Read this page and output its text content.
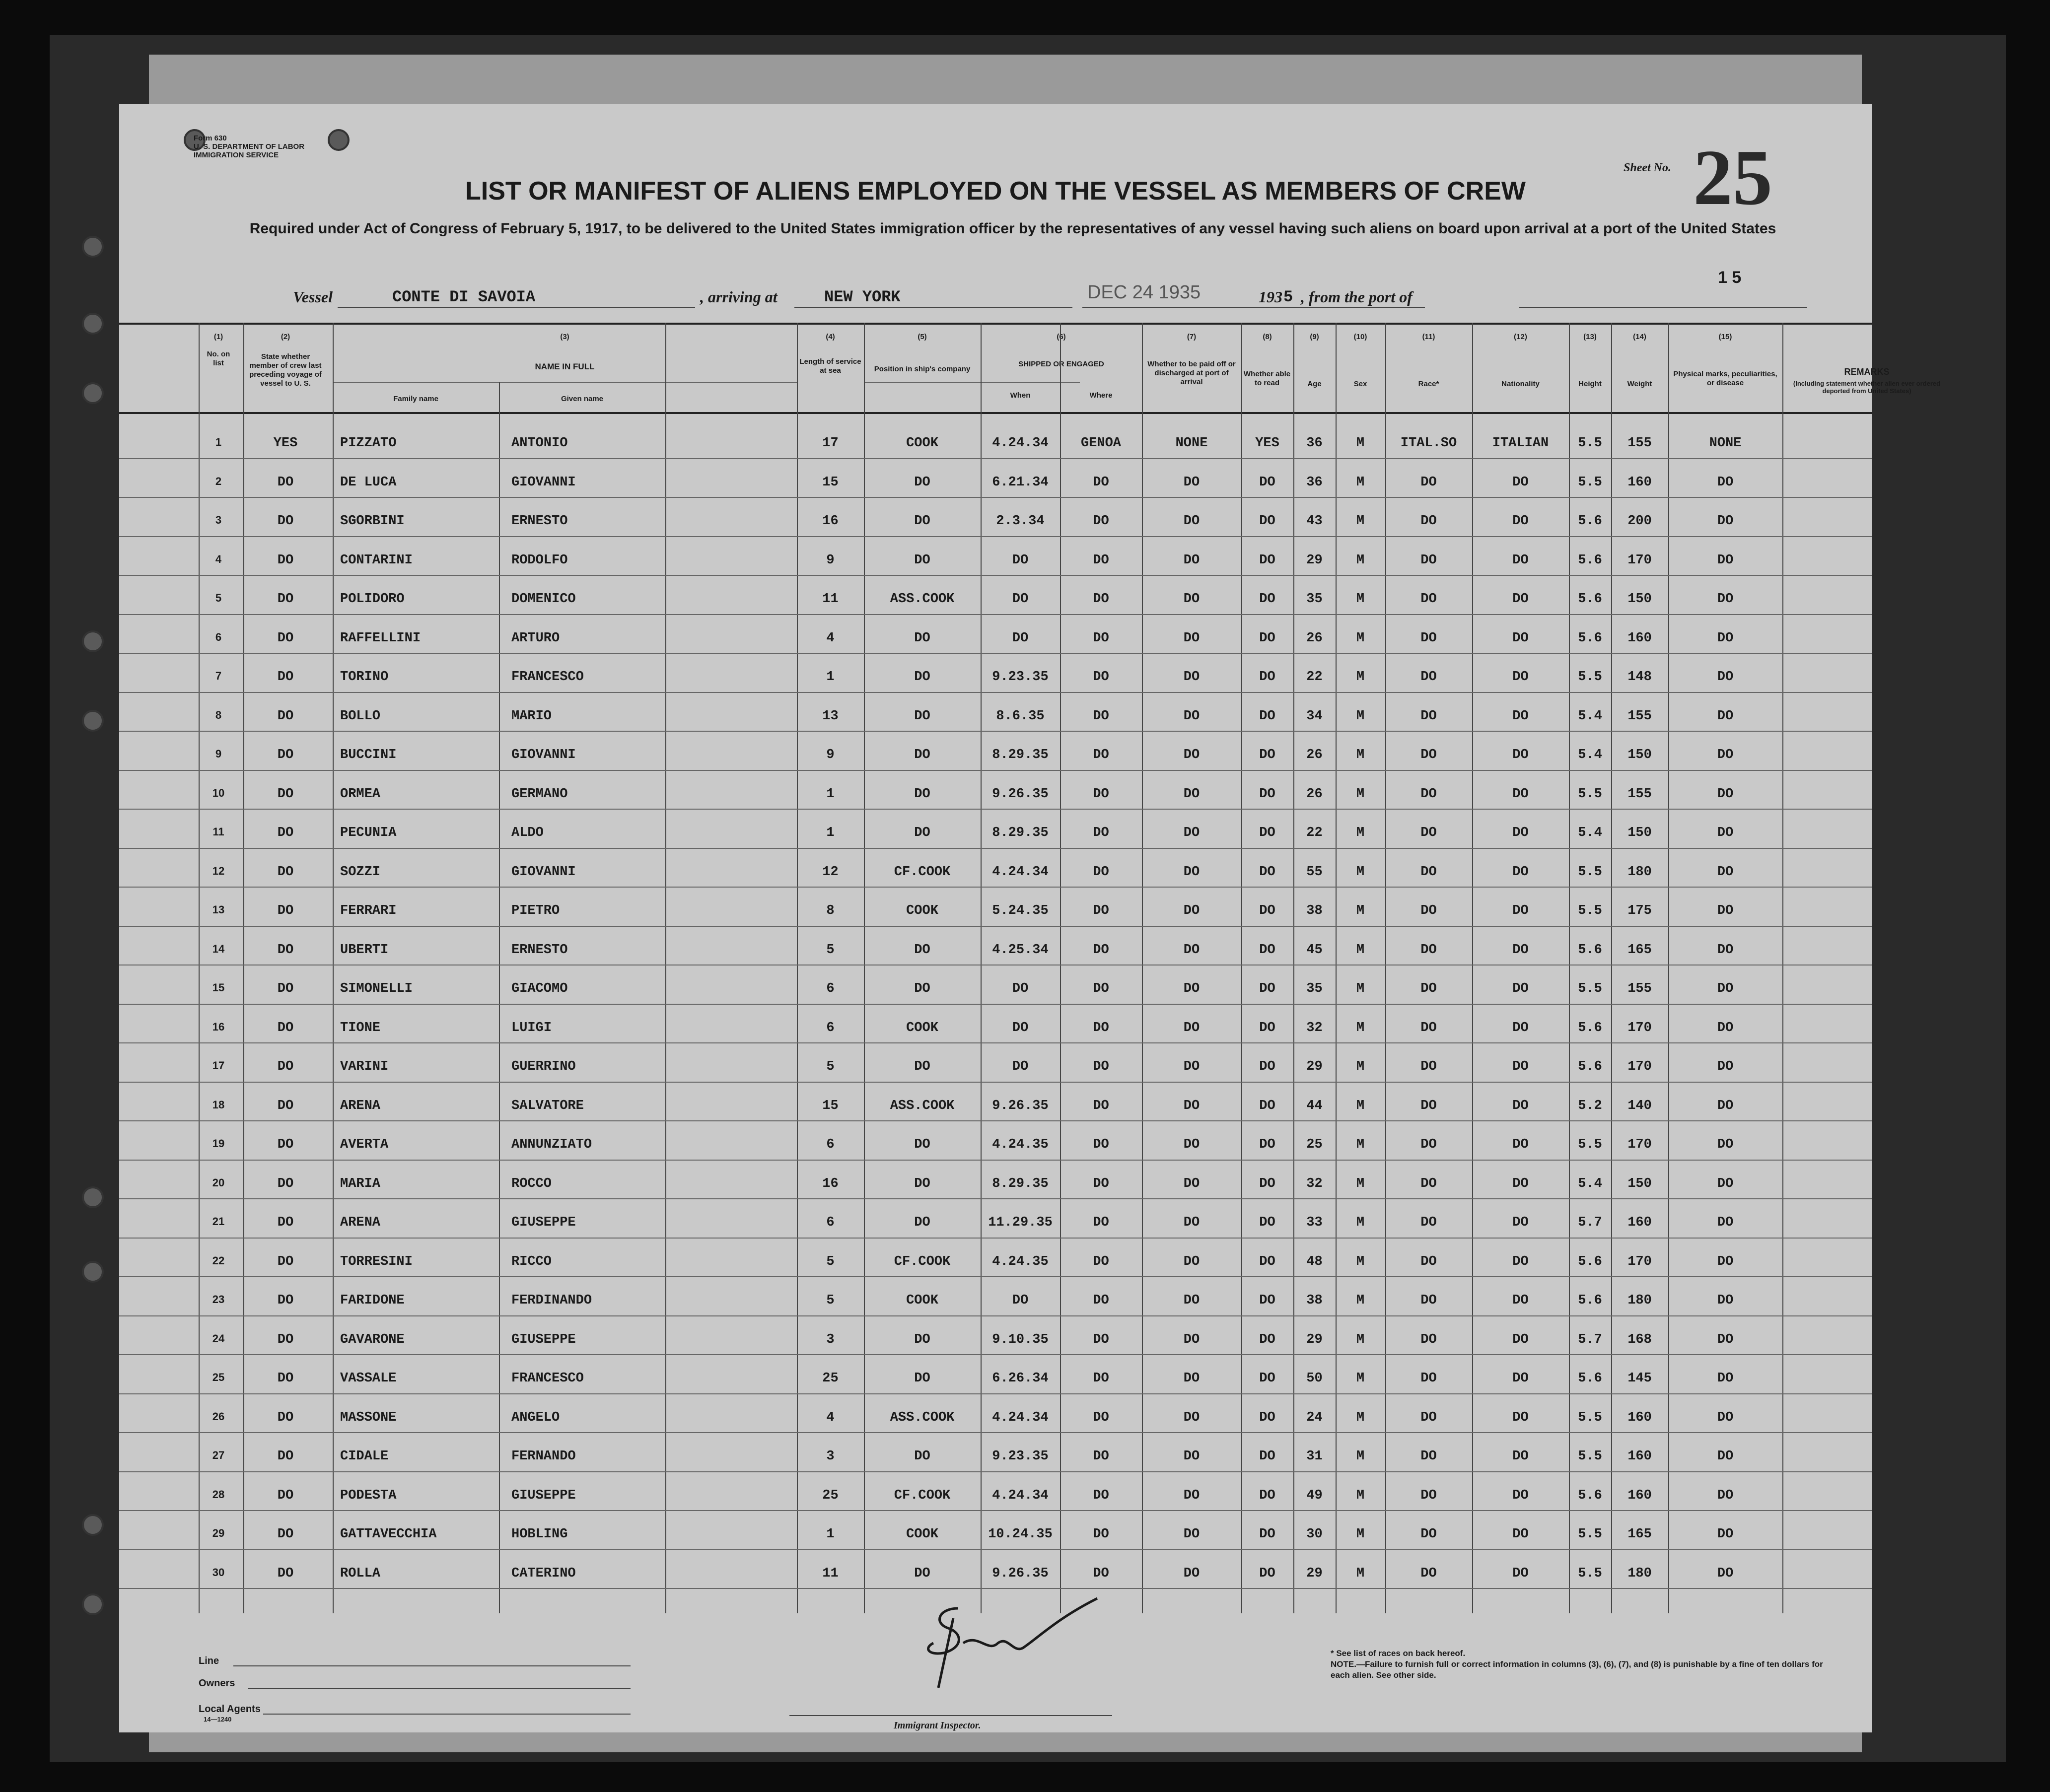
Form 630
U. S. DEPARTMENT OF LABOR
IMMIGRATION SERVICE
Sheet No. 25
1 5
LIST OR MANIFEST OF ALIENS EMPLOYED ON THE VESSEL AS MEMBERS OF CREW
Required under Act of Congress of February 5, 1917, to be delivered to the United States immigration officer by the representatives of any vessel having such aliens on board upon arrival at a port of the United States
Vessel	CONTE DI SAVOIA	, arriving at	NEW YORK	DEC 24 1935	193 5 , from the port of
(1)	(2)	(3)	(4)	(5)	(6)	(7)	(8)	(9)	(10)	(11)	(12)	(13)	(14)	(15)
No. on list
State whether member of crew last preceding voyage of vessel to U. S.
NAME IN FULL
Family name	Given name
Length of service at sea	Position in ship's company
SHIPPED OR ENGAGED
When	Where
Whether to be paid off or discharged at port of arrival
Whether able to read	Age	Sex	Race*	Nationality	Height	Weight
Physical marks, peculiarities, or disease
REMARKS
(Including statement whether alien ever ordered deported from United States)
1	YES	PIZZATO	ANTONIO	17	COOK	4.24.34	GENOA	NONE	YES	36	M	ITAL.SO	ITALIAN	5.5	155	NONE
2	DO	DE LUCA	GIOVANNI	15	DO	6.21.34	DO	DO	DO	36	M	DO	DO	5.5	160	DO
3	DO	SGORBINI	ERNESTO	16	DO	2.3.34	DO	DO	DO	43	M	DO	DO	5.6	200	DO
4	DO	CONTARINI	RODOLFO	9	DO	DO	DO	DO	DO	29	M	DO	DO	5.6	170	DO
5	DO	POLIDORO	DOMENICO	11	ASS.COOK	DO	DO	DO	DO	35	M	DO	DO	5.6	150	DO
6	DO	RAFFELLINI	ARTURO	4	DO	DO	DO	DO	DO	26	M	DO	DO	5.6	160	DO
7	DO	TORINO	FRANCESCO	1	DO	9.23.35	DO	DO	DO	22	M	DO	DO	5.5	148	DO
8	DO	BOLLO	MARIO	13	DO	8.6.35	DO	DO	DO	34	M	DO	DO	5.4	155	DO
9	DO	BUCCINI	GIOVANNI	9	DO	8.29.35	DO	DO	DO	26	M	DO	DO	5.4	150	DO
10	DO	ORMEA	GERMANO	1	DO	9.26.35	DO	DO	DO	26	M	DO	DO	5.5	155	DO
11	DO	PECUNIA	ALDO	1	DO	8.29.35	DO	DO	DO	22	M	DO	DO	5.4	150	DO
12	DO	SOZZI	GIOVANNI	12	CF.COOK	4.24.34	DO	DO	DO	55	M	DO	DO	5.5	180	DO
13	DO	FERRARI	PIETRO	8	COOK	5.24.35	DO	DO	DO	38	M	DO	DO	5.5	175	DO
14	DO	UBERTI	ERNESTO	5	DO	4.25.34	DO	DO	DO	45	M	DO	DO	5.6	165	DO
15	DO	SIMONELLI	GIACOMO	6	DO	DO	DO	DO	DO	35	M	DO	DO	5.5	155	DO
16	DO	TIONE	LUIGI	6	COOK	DO	DO	DO	DO	32	M	DO	DO	5.6	170	DO
17	DO	VARINI	GUERRINO	5	DO	DO	DO	DO	DO	29	M	DO	DO	5.6	170	DO
18	DO	ARENA	SALVATORE	15	ASS.COOK	9.26.35	DO	DO	DO	44	M	DO	DO	5.2	140	DO
19	DO	AVERTA	ANNUNZIATO	6	DO	4.24.35	DO	DO	DO	25	M	DO	DO	5.5	170	DO
20	DO	MARIA	ROCCO	16	DO	8.29.35	DO	DO	DO	32	M	DO	DO	5.4	150	DO
21	DO	ARENA	GIUSEPPE	6	DO	11.29.35	DO	DO	DO	33	M	DO	DO	5.7	160	DO
22	DO	TORRESINI	RICCO	5	CF.COOK	4.24.35	DO	DO	DO	48	M	DO	DO	5.6	170	DO
23	DO	FARIDONE	FERDINANDO	5	COOK	DO	DO	DO	DO	38	M	DO	DO	5.6	180	DO
24	DO	GAVARONE	GIUSEPPE	3	DO	9.10.35	DO	DO	DO	29	M	DO	DO	5.7	168	DO
25	DO	VASSALE	FRANCESCO	25	DO	6.26.34	DO	DO	DO	50	M	DO	DO	5.6	145	DO
26	DO	MASSONE	ANGELO	4	ASS.COOK	4.24.34	DO	DO	DO	24	M	DO	DO	5.5	160	DO
27	DO	CIDALE	FERNANDO	3	DO	9.23.35	DO	DO	DO	31	M	DO	DO	5.5	160	DO
28	DO	PODESTA	GIUSEPPE	25	CF.COOK	4.24.34	DO	DO	DO	49	M	DO	DO	5.6	160	DO
29	DO	GATTAVECCHIA	HOBLING	1	COOK	10.24.35	DO	DO	DO	30	M	DO	DO	5.5	165	DO
30	DO	ROLLA	CATERINO	11	DO	9.26.35	DO	DO	DO	29	M	DO	DO	5.5	180	DO
Line
Owners
Local Agents
14—1240
Immigrant Inspector.
* See list of races on back hereof.
NOTE.—Failure to furnish full or correct information in columns (3), (6), (7), and (8) is punishable by a fine of ten dollars for each alien. See other side.
